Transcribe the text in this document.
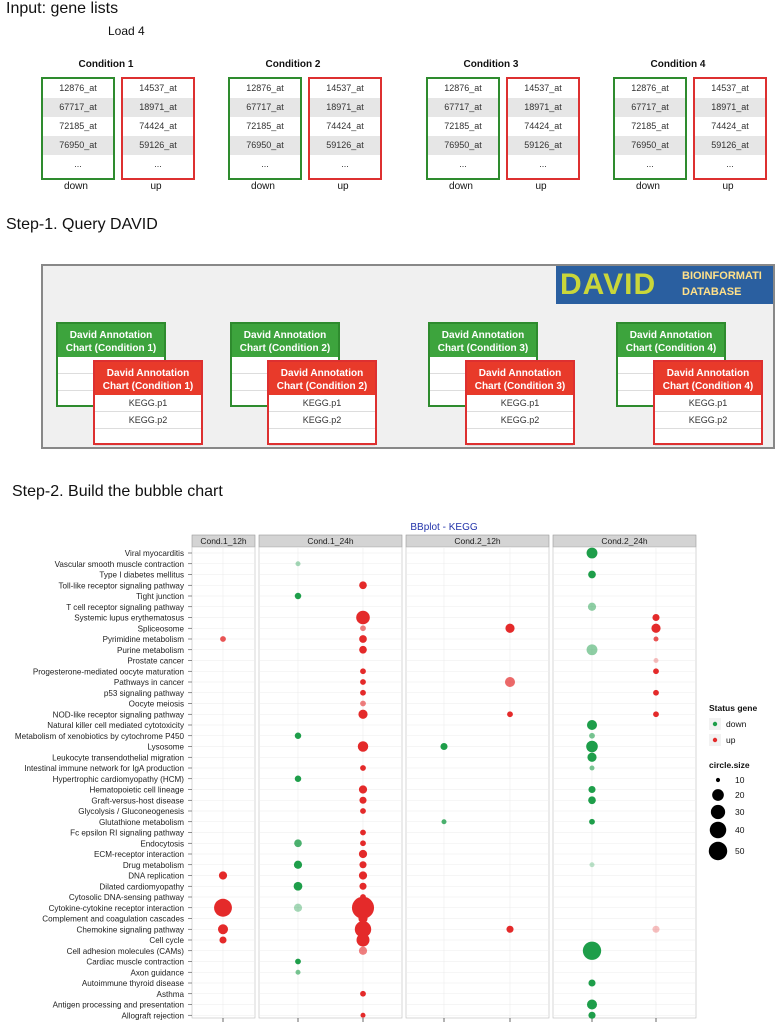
Input: gene lists
Load 4
Condition 1
12876_at
67717_at
72185_at
76950_at
...
down
14537_at
18971_at
74424_at
59126_at
...
up
Condition 2
12876_at
67717_at
72185_at
76950_at
...
down
14537_at
18971_at
74424_at
59126_at
...
up
Condition 3
12876_at
67717_at
72185_at
76950_at
...
down
14537_at
18971_at
74424_at
59126_at
...
up
Condition 4
12876_at
67717_at
72185_at
76950_at
...
down
14537_at
18971_at
74424_at
59126_at
...
up
Step-1. Query DAVID
DAVID BIOINFORMATI
DATABASE
David Annotation Chart (Condition 1)
David Annotation Chart (Condition 1)
KEGG.p1
KEGG.p2
David Annotation Chart (Condition 2)
David Annotation Chart (Condition 2)
KEGG.p1
KEGG.p2
David Annotation Chart (Condition 3)
David Annotation Chart (Condition 3)
KEGG.p1
KEGG.p2
David Annotation Chart (Condition 4)
David Annotation Chart (Condition 4)
KEGG.p1
KEGG.p2
Step-2. Build the bubble chart
BBplot - KEGG
Cond.1_12h	Cond.1_24h	Cond.2_12h	Cond.2_24h
Viral myocarditis
Vascular smooth muscle contraction
Type I diabetes mellitus
Toll-like receptor signaling pathway
Tight junction
T cell receptor signaling pathway
Systemic lupus erythematosus
Spliceosome
Pyrimidine metabolism
Purine metabolism
Prostate cancer
Progesterone-mediated oocyte maturation
Pathways in cancer
p53 signaling pathway
Oocyte meiosis
NOD-like receptor signaling pathway
Natural killer cell mediated cytotoxicity
Metabolism of xenobiotics by cytochrome P450
Lysosome
Leukocyte transendothelial migration
Intestinal immune network for IgA production
Hypertrophic cardiomyopathy (HCM)
Hematopoietic cell lineage
Graft-versus-host disease
Glycolysis / Gluconeogenesis
Glutathione metabolism
Fc epsilon RI signaling pathway
Endocytosis
ECM-receptor interaction
Drug metabolism
DNA replication
Dilated cardiomyopathy
Cytosolic DNA-sensing pathway
Cytokine-cytokine receptor interaction
Complement and coagulation cascades
Chemokine signaling pathway
Cell cycle
Cell adhesion molecules (CAMs)
Cardiac muscle contraction
Axon guidance
Autoimmune thyroid disease
Asthma
Antigen processing and presentation
Allograft rejection
Status gene
down
up
circle.size
10
20
30
40
50
